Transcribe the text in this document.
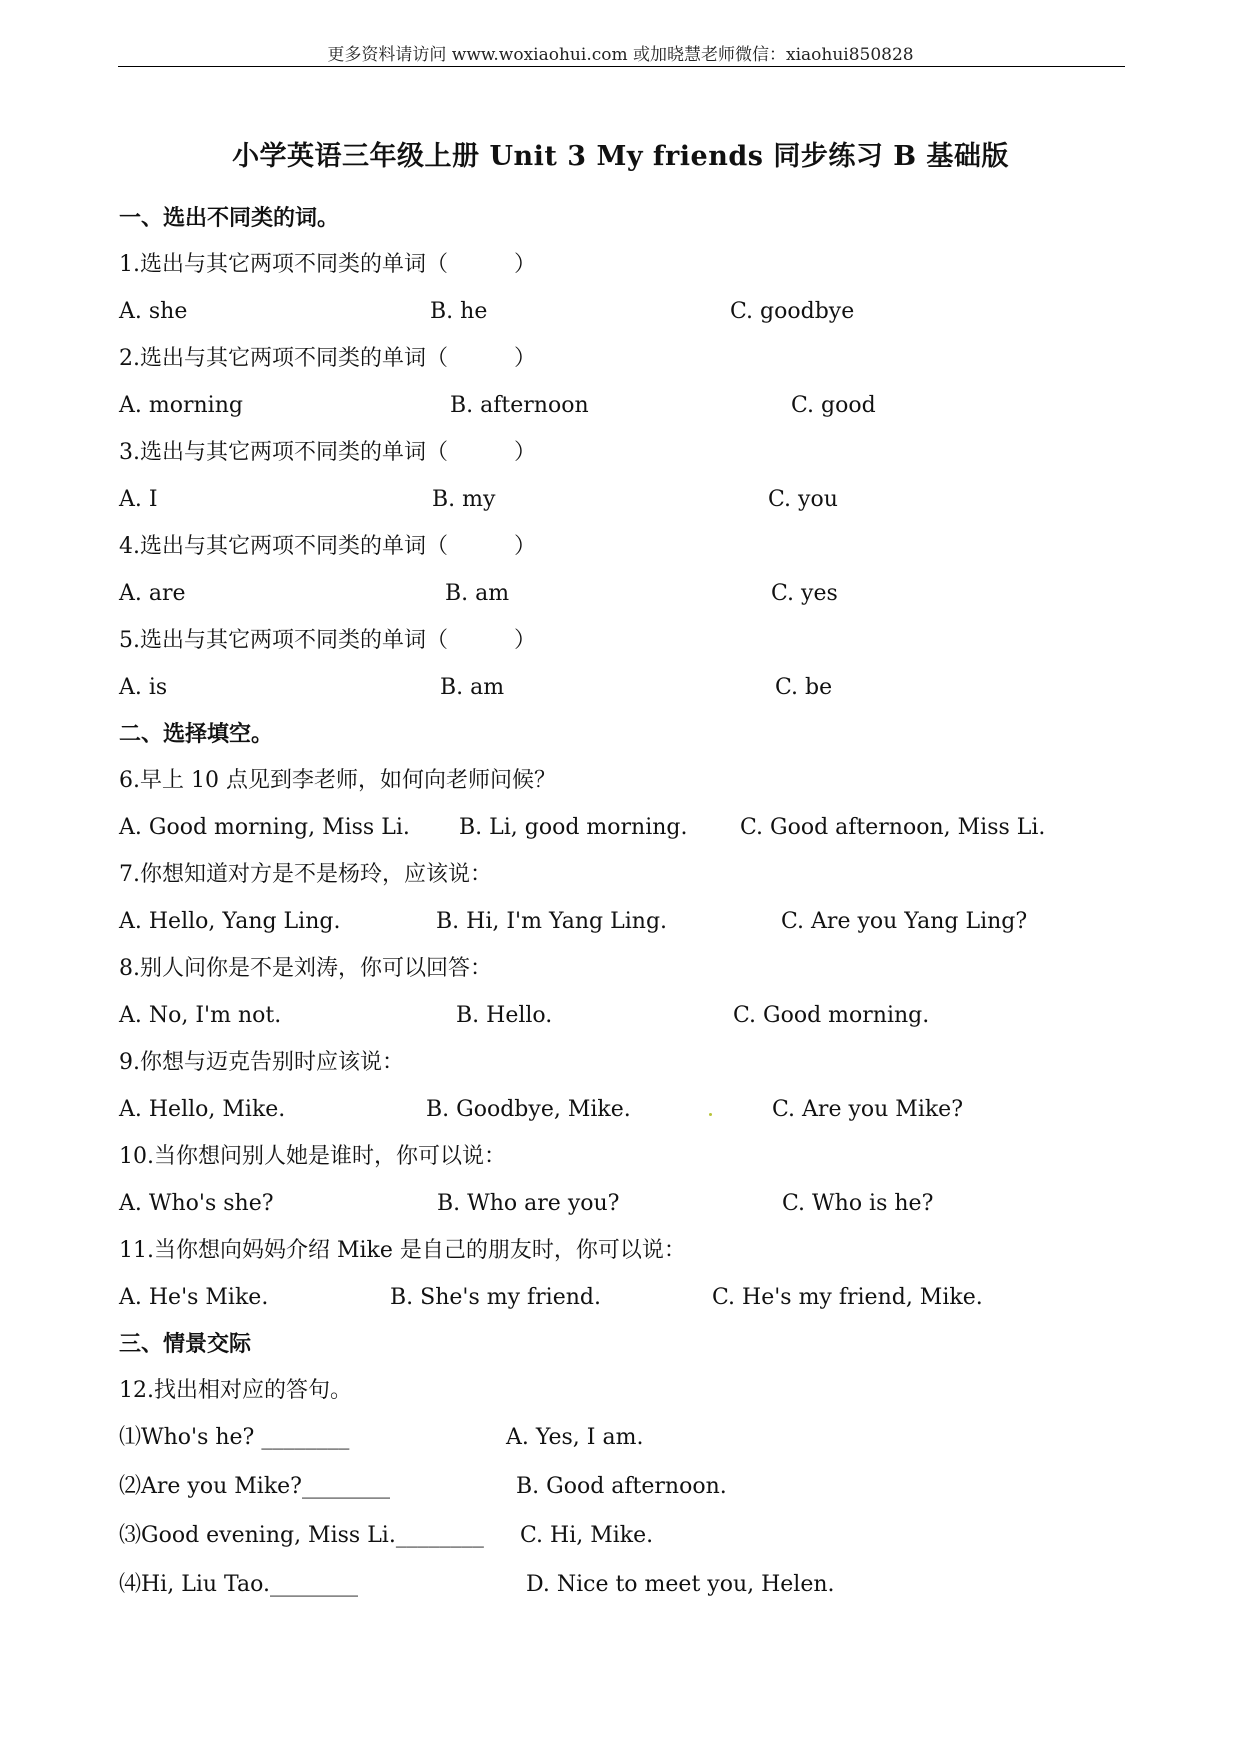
更多资料请访问 www.woxiaohui.com 或加晓慧老师微信：xiaohui850828
小学英语三年级上册 Unit 3 My friends 同步练习 B 基础版
一、选出不同类的词。
1.选出与其它两项不同类的单词（　　　）
A. she	B. he	C. goodbye
2.选出与其它两项不同类的单词（　　　）
A. morning	B. afternoon	C. good
3.选出与其它两项不同类的单词（　　　）
A. I	B. my	C. you
4.选出与其它两项不同类的单词（　　　）
A. are	B. am	C. yes
5.选出与其它两项不同类的单词（　　　）
A. is	B. am	C. be
二、选择填空。
6.早上 10 点见到李老师，如何向老师问候？
A. Good morning, Miss Li. B. Li, good morning. C. Good afternoon, Miss Li.
7.你想知道对方是不是杨玲，应该说：
A. Hello, Yang Ling.	B. Hi, I'm Yang Ling.	C. Are you Yang Ling?
8.别人问你是不是刘涛，你可以回答：
A. No, I'm not.	B. Hello.	C. Good morning.
9.你想与迈克告别时应该说：
A. Hello, Mike.	B. Goodbye, Mike.	C. Are you Mike?
10.当你想问别人她是谁时，你可以说：
A. Who's she?	B. Who are you?	C. Who is he?
11.当你想向妈妈介绍 Mike 是自己的朋友时，你可以说：
A. He's Mike.	B. She's my friend.	C. He's my friend, Mike.
三、情景交际
12.找出相对应的答句。
⑴Who's he? ________	A. Yes, I am.
⑵Are you Mike?________	B. Good afternoon.
⑶Good evening, Miss Li.________ C. Hi, Mike.
⑷Hi, Liu Tao.________	D. Nice to meet you, Helen.
